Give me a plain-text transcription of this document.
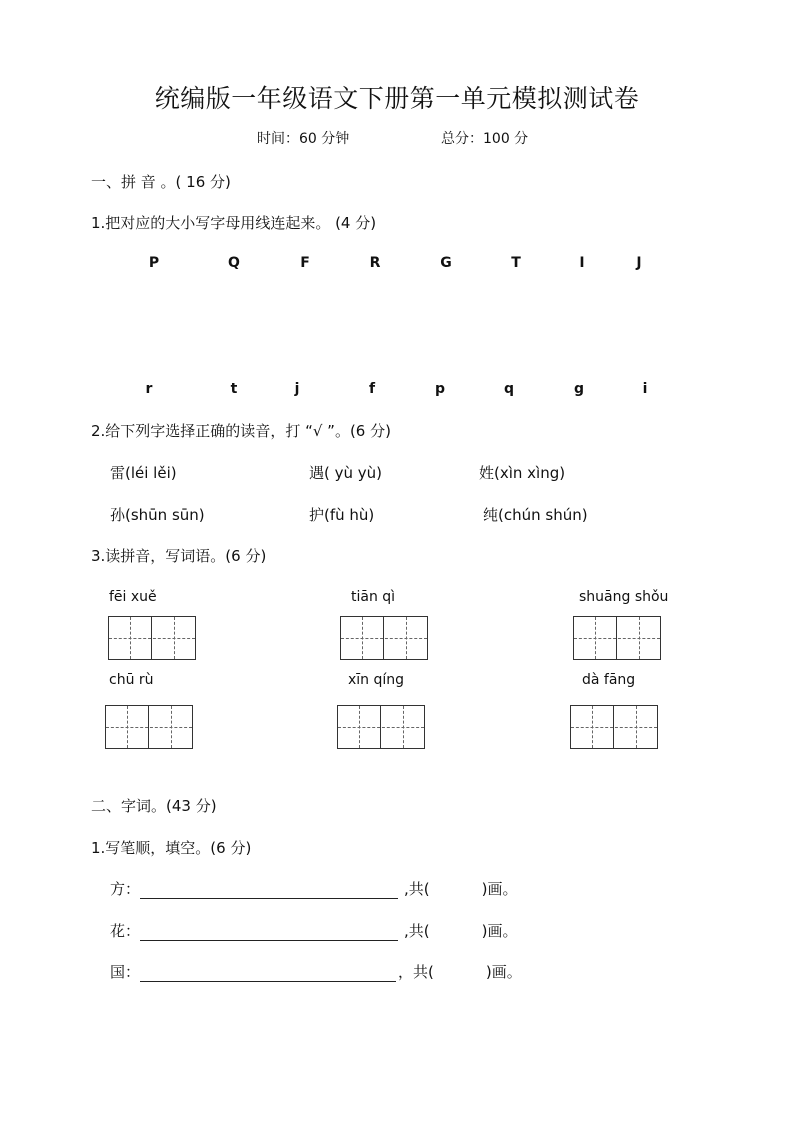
统编版一年级语文下册第一单元模拟测试卷
时间：60 分钟	总分：100 分
一、拼 音 。( 16 分)
1.把对应的大小写字母用线连起来。 (4 分)
P	Q	F	R	G	T	I	J
r	t	j	f	p	q	g	i
2.给下列字选择正确的读音，打 “√ ”。(6 分)
雷(léi lěi)	遇( yù yù)	姓(xìn xìng)
孙(shūn sūn)	护(fù hù)	纯(chún shún)
3.读拼音，写词语。(6 分)
fēi xuě	tiān qì	shuāng shǒu
chū rù	xīn qíng	dà fāng
二、字词。(43 分)
1.写笔顺，填空。(6 分)
方：	,共(	)画。
花：	,共(	)画。
国：	，共(	)画。
